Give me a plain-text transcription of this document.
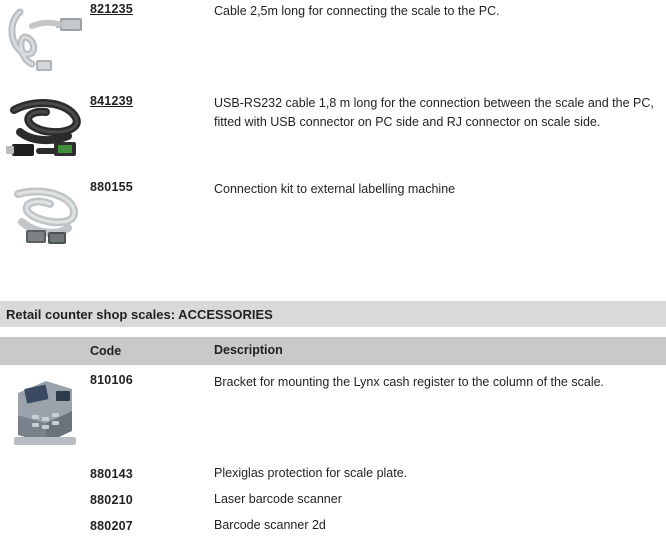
821235	Cable 2,5m long for connecting the scale to the PC.
841239	USB-RS232 cable 1,8 m long for the connection between the scale and the PC, fitted with USB connector on PC side and RJ connector on scale side.
880155	Connection kit to external labelling machine
Retail counter shop scales: ACCESSORIES
Code	Description
810106	Bracket for mounting the Lynx cash register to the column of the scale.
880143	Plexiglas protection for scale plate.
880210	Laser barcode scanner
880207	Barcode scanner 2d
